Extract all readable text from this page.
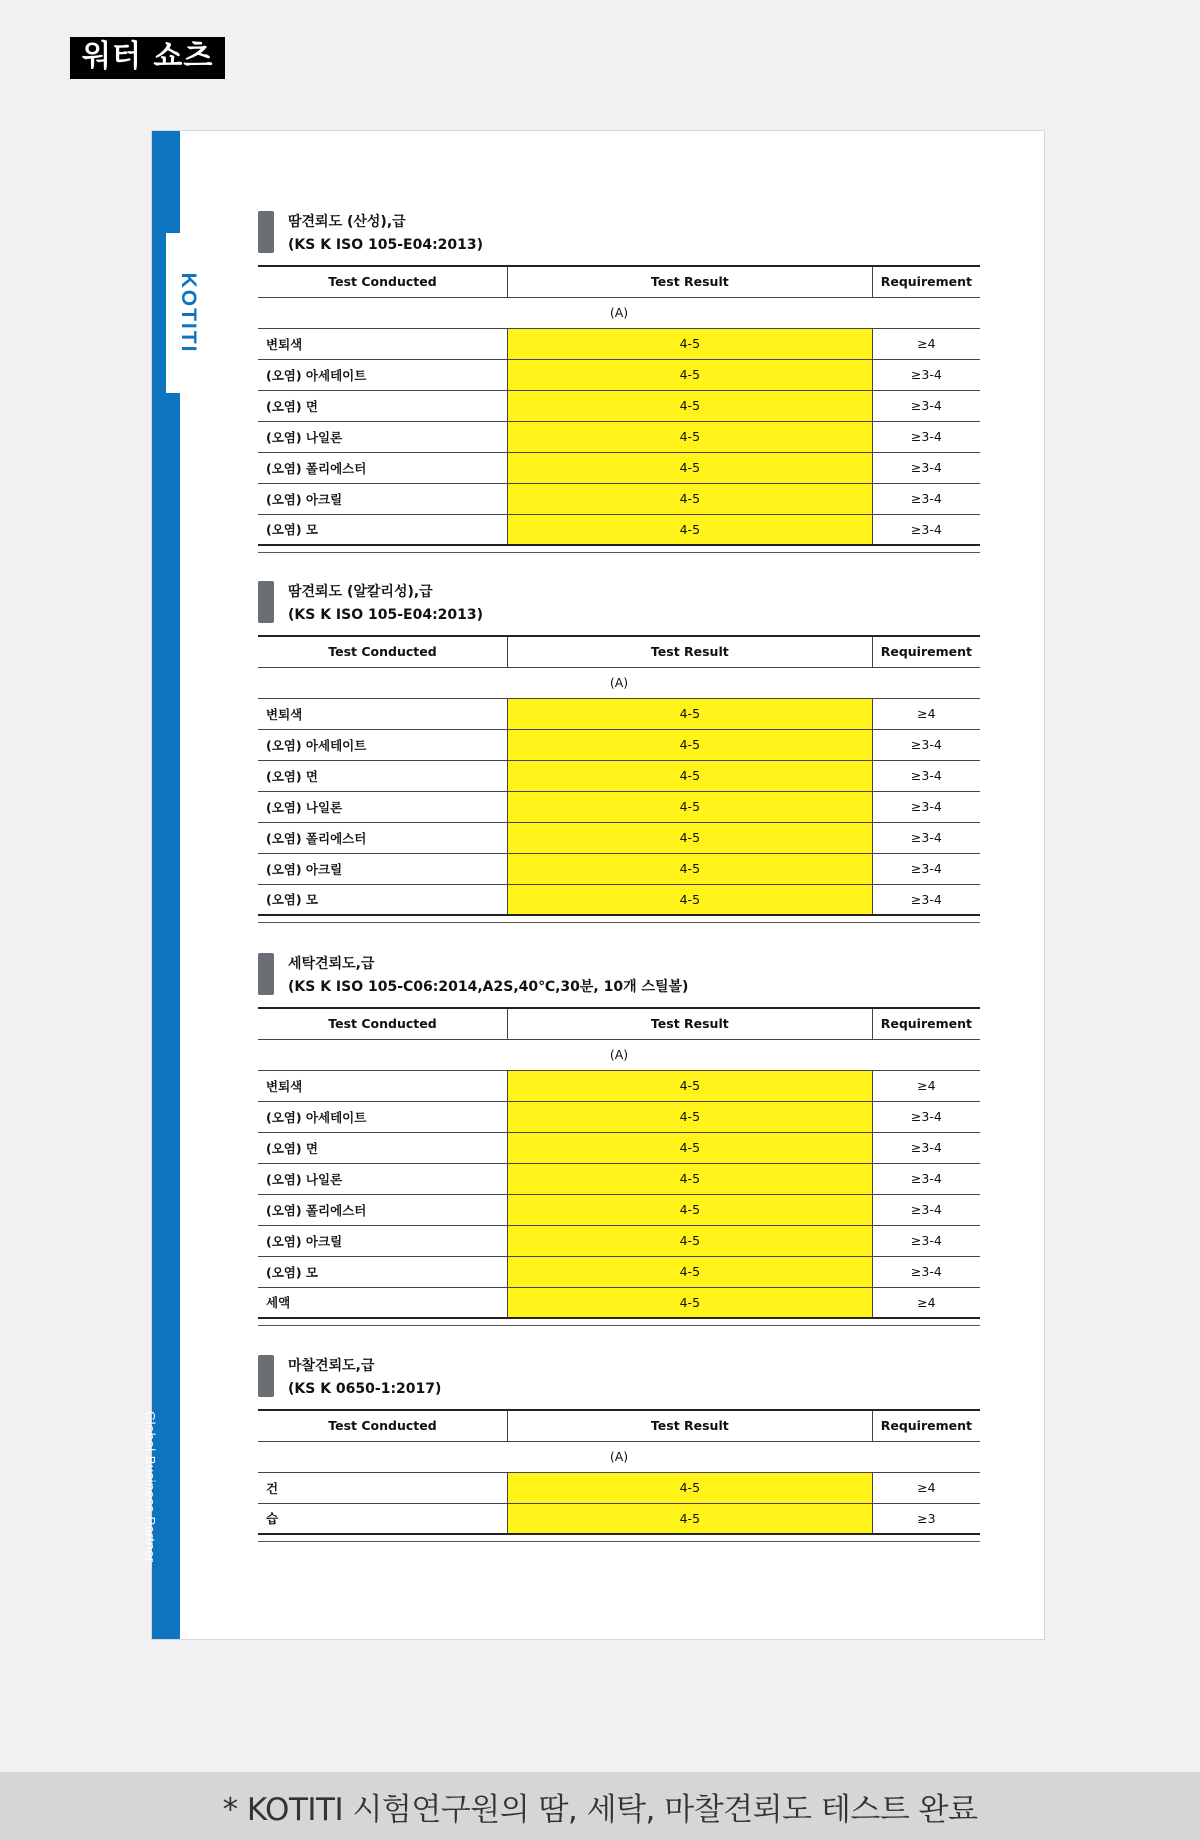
워터 쇼츠
KOTITI
Global Business Partner
땀견뢰도 (산성),급
(KS K ISO 105-E04:2013)
Test Conducted	Test Result	Requirement
(A)		
변퇴색	4-5	≥4
(오염) 아세테이트	4-5	≥3-4
(오염) 면	4-5	≥3-4
(오염) 나일론	4-5	≥3-4
(오염) 폴리에스터	4-5	≥3-4
(오염) 아크릴	4-5	≥3-4
(오염) 모	4-5	≥3-4
땀견뢰도 (알칼리성),급
(KS K ISO 105-E04:2013)
Test Conducted	Test Result	Requirement
(A)		
변퇴색	4-5	≥4
(오염) 아세테이트	4-5	≥3-4
(오염) 면	4-5	≥3-4
(오염) 나일론	4-5	≥3-4
(오염) 폴리에스터	4-5	≥3-4
(오염) 아크릴	4-5	≥3-4
(오염) 모	4-5	≥3-4
세탁견뢰도,급
(KS K ISO 105-C06:2014,A2S,40℃,30분, 10개 스틸볼)
Test Conducted	Test Result	Requirement
(A)		
변퇴색	4-5	≥4
(오염) 아세테이트	4-5	≥3-4
(오염) 면	4-5	≥3-4
(오염) 나일론	4-5	≥3-4
(오염) 폴리에스터	4-5	≥3-4
(오염) 아크릴	4-5	≥3-4
(오염) 모	4-5	≥3-4
세액	4-5	≥4
마찰견뢰도,급
(KS K 0650-1:2017)
Test Conducted	Test Result	Requirement
(A)		
건	4-5	≥4
습	4-5	≥3
* KOTITI 시험연구원의 땀, 세탁, 마찰견뢰도 테스트 완료
